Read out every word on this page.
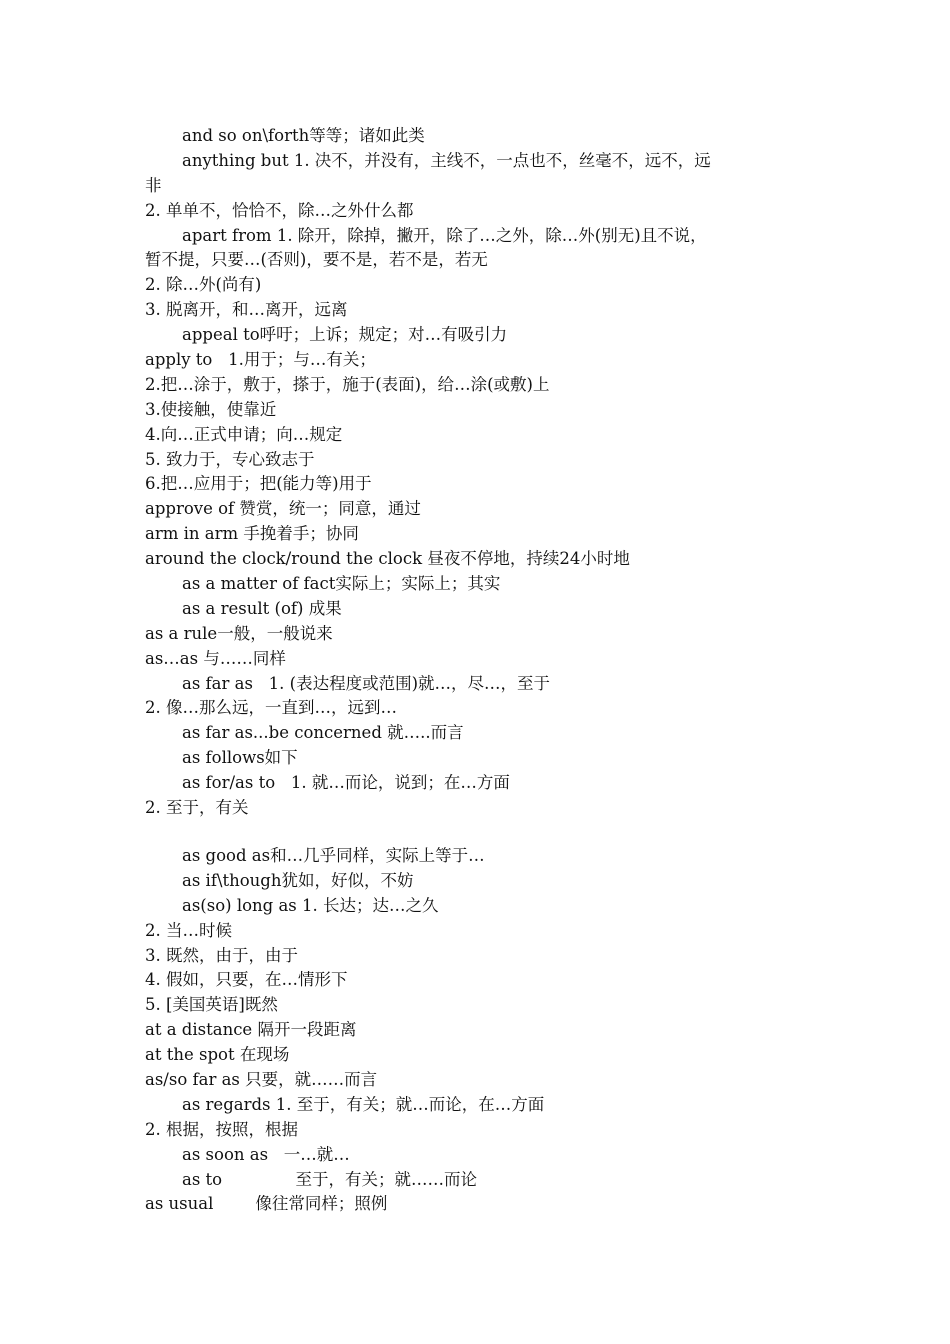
and so on\forth等等；诸如此类
anything but 1. 决不，并没有，主线不，一点也不，丝毫不，远不，远
非
2. 单单不，恰恰不，除…之外什么都
apart from 1. 除开，除掉，撇开，除了…之外，除…外(别无)且不说，
暂不提，只要…(否则)，要不是，若不是，若无
2. 除…外(尚有)
3. 脱离开，和…离开，远离
appeal to呼吁；上诉；规定；对…有吸引力
apply to   1.用于；与…有关；
2.把…涂于，敷于，搽于，施于(表面)，给…涂(或敷)上
3.使接触，使靠近
4.向…正式申请；向…规定
5. 致力于，专心致志于
6.把…应用于；把(能力等)用于
approve of 赞赏，统一；同意，通过
arm in arm 手挽着手；协同
around the clock/round the clock 昼夜不停地，持续24小时地
as a matter of fact实际上；实际上；其实
as a result (of) 成果
as a rule一般，一般说来
as…as 与……同样
as far as   1. (表达程度或范围)就…，尽…，至于
2. 像…那么远，一直到…，远到…
as far as...be concerned 就…..而言
as follows如下
as for/as to   1. 就…而论，说到；在…方面
2. 至于，有关
as good as和…几乎同样，实际上等于…
as if\though犹如，好似，不妨
as(so) long as 1. 长达；达…之久
2. 当…时候
3. 既然，由于，由于
4. 假如，只要，在…情形下
5. [美国英语]既然
at a distance 隔开一段距离
at the spot 在现场
as/so far as 只要，就……而言
as regards 1. 至于，有关；就…而论，在…方面
2. 根据，按照，根据
as soon as   一…就…
as to              至于，有关；就……而论
as usual        像往常同样；照例
